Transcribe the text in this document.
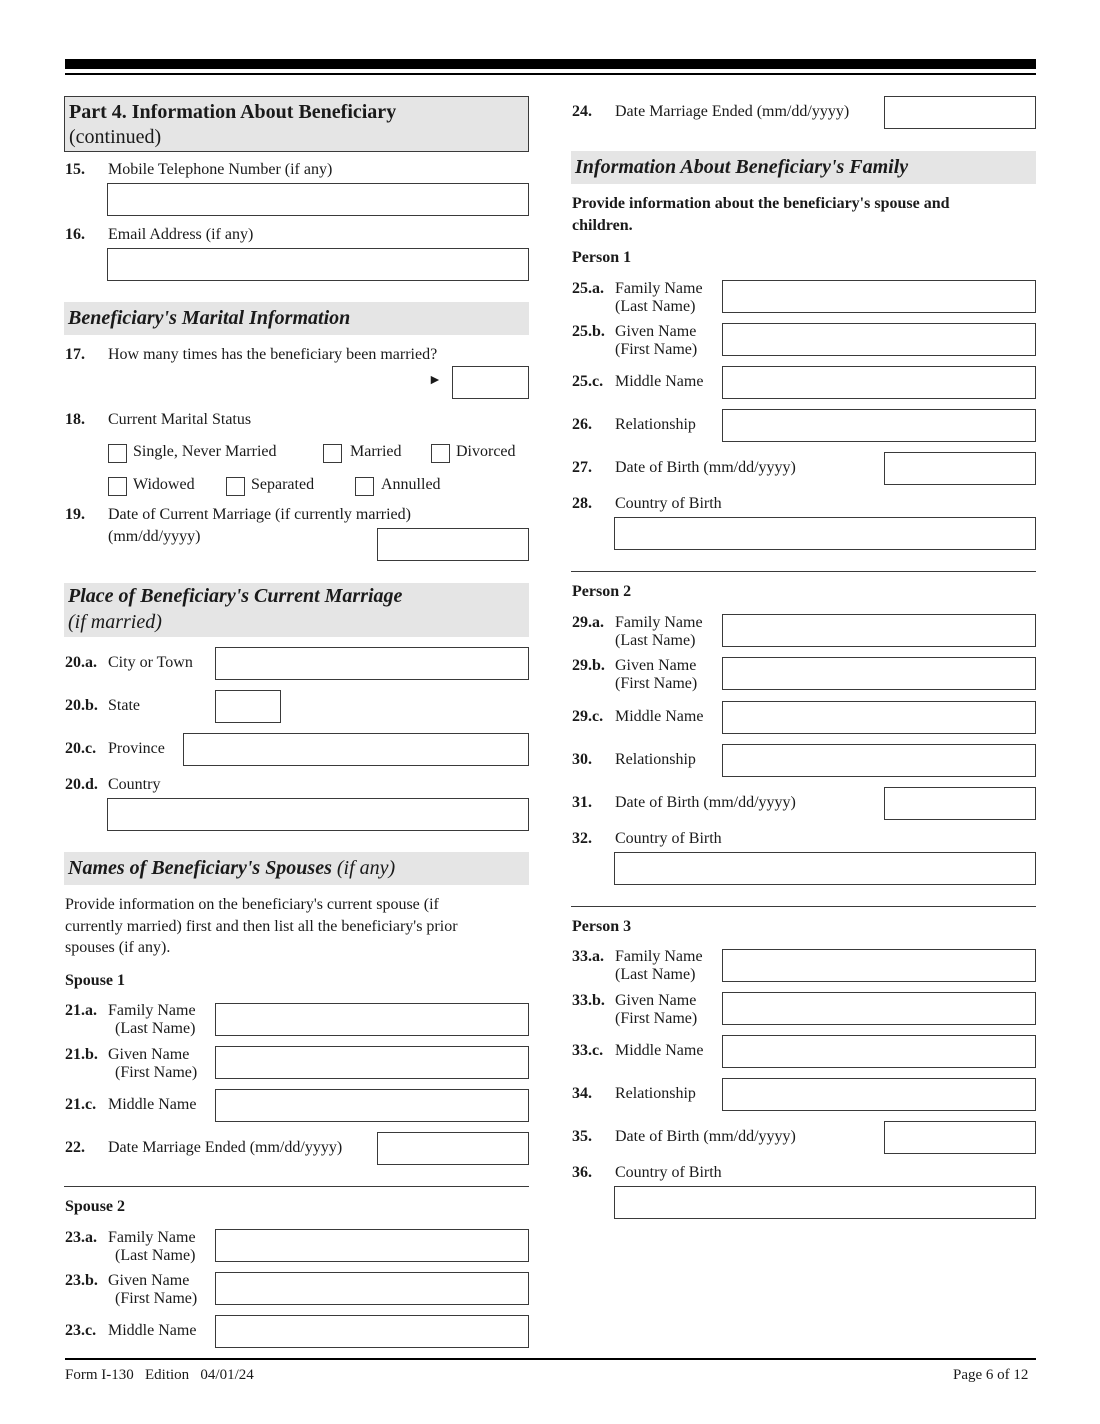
Part 4. Information About Beneficiary
(continued)
15. Mobile Telephone Number (if any)
16. Email Address (if any)
Beneficiary's Marital Information
17. How many times has the beneficiary been married?
►
18. Current Marital Status
Single, Never Married	Married	Divorced
Widowed	Separated	Annulled
19. Date of Current Marriage (if currently married)
(mm/dd/yyyy)
Place of Beneficiary's Current Marriage
(if married)
20.a. City or Town
20.b. State
20.c. Province
20.d. Country
Names of Beneficiary's Spouses (if any)
Provide information on the beneficiary's current spouse (if
currently married) first and then list all the beneficiary's prior
spouses (if any).
Spouse 1
21.a. Family Name
(Last Name)
21.b. Given Name
(First Name)
21.c. Middle Name
22. Date Marriage Ended (mm/dd/yyyy)
Spouse 2
23.a. Family Name
(Last Name)
23.b. Given Name
(First Name)
23.c. Middle Name
24. Date Marriage Ended (mm/dd/yyyy)
Information About Beneficiary's Family
Provide information about the beneficiary's spouse and
children.
Person 1
25.a. Family Name
(Last Name)
25.b. Given Name
(First Name)
25.c. Middle Name
26. Relationship
27. Date of Birth (mm/dd/yyyy)
28. Country of Birth
Person 2
29.a. Family Name
(Last Name)
29.b. Given Name
(First Name)
29.c. Middle Name
30. Relationship
31. Date of Birth (mm/dd/yyyy)
32. Country of Birth
Person 3
33.a. Family Name
(Last Name)
33.b. Given Name
(First Name)
33.c. Middle Name
34. Relationship
35. Date of Birth (mm/dd/yyyy)
36. Country of Birth
Form I-130   Edition   04/01/24	Page 6 of 12
